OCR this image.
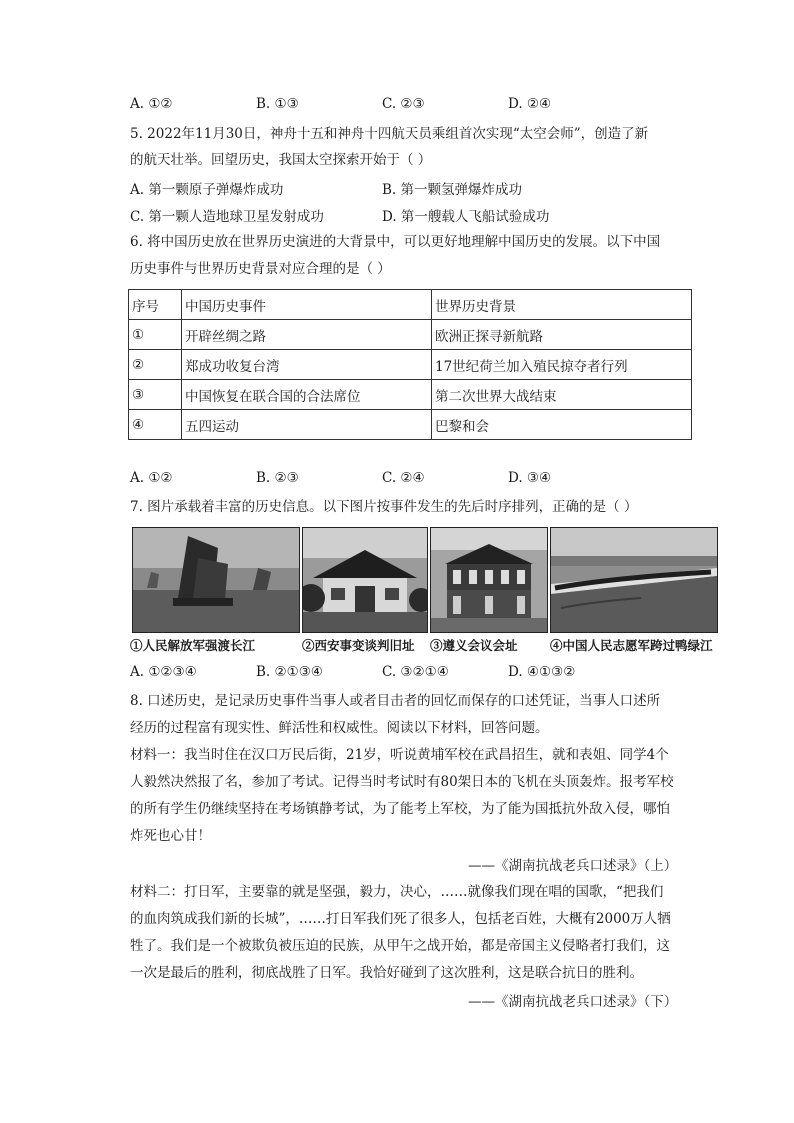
A. ①②	B. ①③	C. ②③	D. ②④
5. 2022年11月30日，神舟十五和神舟十四航天员乘组首次实现“太空会师”，创造了新
的航天壮举。回望历史，我国太空探索开始于（ ）
A. 第一颗原子弹爆炸成功	B. 第一颗氢弹爆炸成功
C. 第一颗人造地球卫星发射成功	D. 第一艘载人飞船试验成功
6. 将中国历史放在世界历史演进的大背景中，可以更好地理解中国历史的发展。以下中国
历史事件与世界历史背景对应合理的是（ ）
序号	中国历史事件	世界历史背景
①	开辟丝绸之路	欧洲正探寻新航路
②	郑成功收复台湾	17世纪荷兰加入殖民掠夺者行列
③	中国恢复在联合国的合法席位	第二次世界大战结束
④	五四运动	巴黎和会
A. ①②	B. ②③	C. ②④	D. ③④
7. 图片承载着丰富的历史信息。以下图片按事件发生的先后时序排列，正确的是（ ）
①人民解放军强渡长江	②西安事变谈判旧址 ③遵义会议会址	④中国人民志愿军跨过鸭绿江
A. ①②③④	B. ②①③④	C. ③②①④	D. ④①③②
8. 口述历史，是记录历史事件当事人或者目击者的回忆而保存的口述凭证，当事人口述所
经历的过程富有现实性、鲜活性和权威性。阅读以下材料，回答问题。
材料一：我当时住在汉口万民后街，21岁，听说黄埔军校在武昌招生，就和表姐、同学4个
人毅然决然报了名，参加了考试。记得当时考试时有80架日本的飞机在头顶轰炸。报考军校
的所有学生仍继续坚持在考场镇静考试，为了能考上军校，为了能为国抵抗外敌入侵，哪怕
炸死也心甘！
——《湖南抗战老兵口述录》（上）
材料二：打日军，主要靠的就是坚强，毅力，决心，……就像我们现在唱的国歌，“把我们
的血肉筑成我们新的长城”，……打日军我们死了很多人，包括老百姓，大概有2000万人牺
牲了。我们是一个被欺负被压迫的民族，从甲午之战开始，都是帝国主义侵略者打我们，这
一次是最后的胜利，彻底战胜了日军。我恰好碰到了这次胜利，这是联合抗日的胜利。
——《湖南抗战老兵口述录》（下）
